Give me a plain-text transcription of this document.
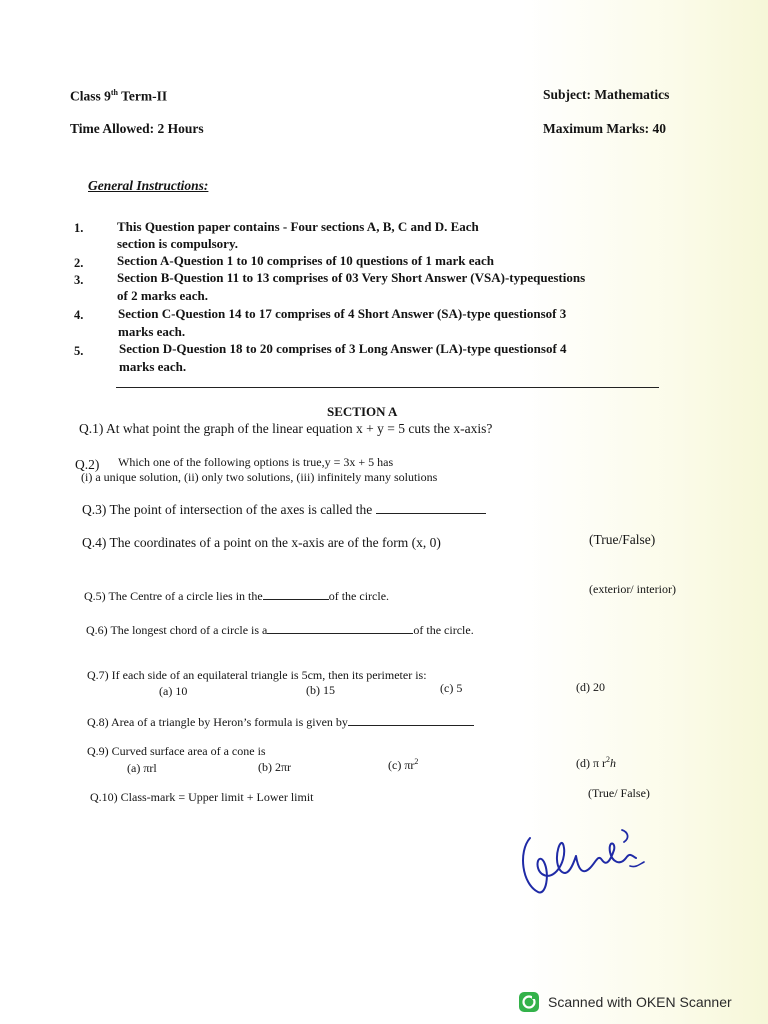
Class 9th Term-II	Subject: Mathematics
Time Allowed: 2 Hours	Maximum Marks: 40
General Instructions:
1.	This Question paper contains - Four sections A, B, C and D. Each
section is compulsory.
2.	Section A-Question 1 to 10 comprises of 10 questions of 1 mark each
3.	Section B-Question 11 to 13 comprises of 03 Very Short Answer (VSA)-typequestions
of 2 marks each.
4.	Section C-Question 14 to 17 comprises of 4 Short Answer (SA)-type questionsof 3
marks each.
5.	Section D-Question 18 to 20 comprises of 3 Long Answer (LA)-type questionsof 4
marks each.
SECTION A
Q.1) At what point the graph of the linear equation x + y = 5 cuts the x-axis?
Q.2) Which one of the following options is true,y = 3x + 5 has
(i) a unique solution, (ii) only two solutions, (iii) infinitely many solutions
Q.3) The point of intersection of the axes is called the
Q.4) The coordinates of a point on the x-axis are of the form (x, 0)	(True/False)
Q.5) The Centre of a circle lies in the	of the circle.	(exterior/ interior)
Q.6) The longest chord of a circle is a	of the circle.
Q.7) If each side of an equilateral triangle is 5cm, then its perimeter is:
(a) 10	(b) 15	(c) 5	(d) 20
Q.8) Area of a triangle by Heron’s formula is given by
Q.9) Curved surface area of a cone is
(a) πrl	(b) 2πr	(c) $\pi r^2$	(d) π $r^2h$
Q.10) Class-mark = Upper limit + Lower limit	(True/ False)
Scanned with OKEN Scanner
